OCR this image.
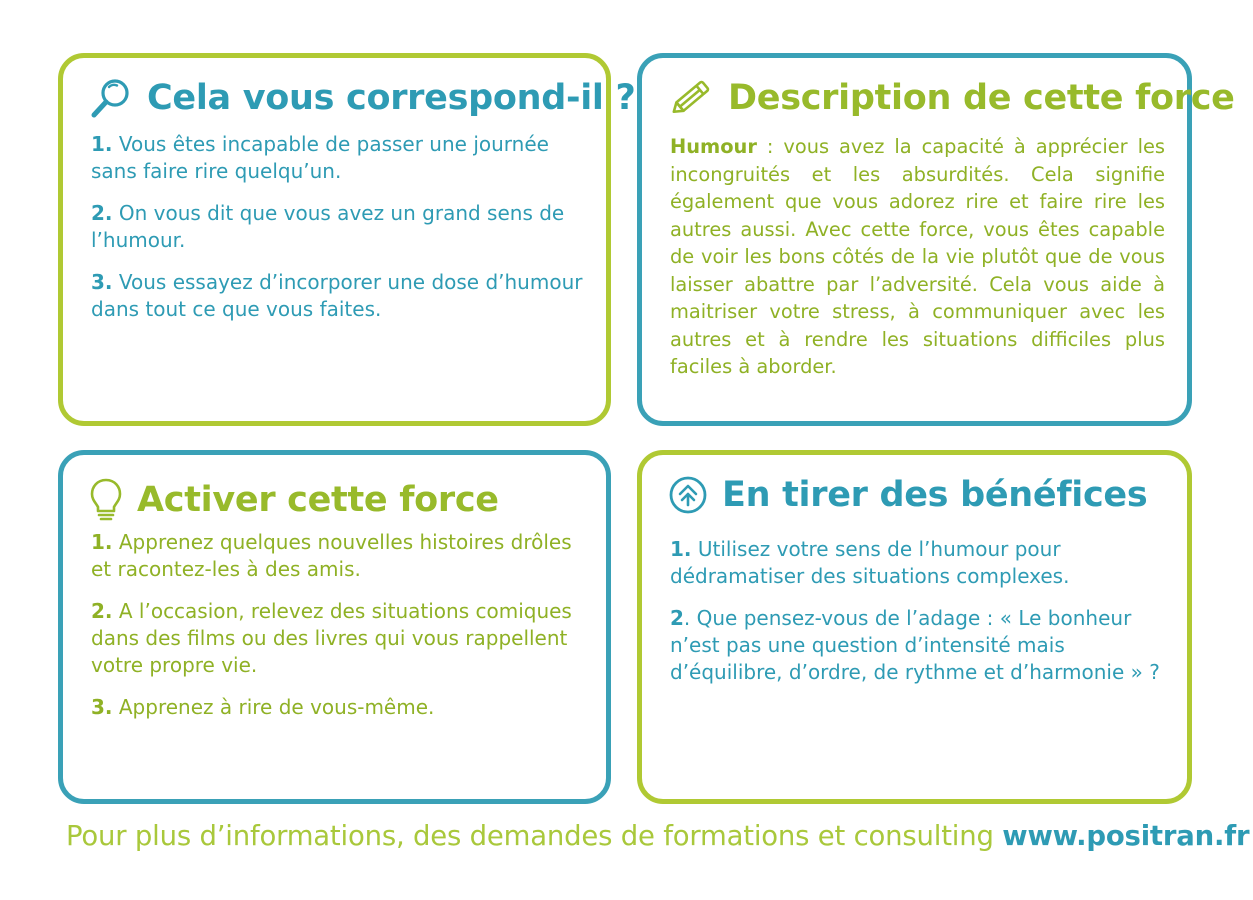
Cela vous correspond-il ?

1. Vous êtes incapable de passer une journée sans faire rire quelqu’un.

2. On vous dit que vous avez un grand sens de l’humour.

3. Vous essayez d’incorporer une dose d’humour dans tout ce que vous faites.

Description de cette force

Humour : vous avez la capacité à apprécier les incongruités et les absurdités. Cela signifie également que vous adorez rire et faire rire les autres aussi. Avec cette force, vous êtes capable de voir les bons côtés de la vie plutôt que de vous laisser abattre par l’adversité. Cela vous aide à maitriser votre stress, à communiquer avec les autres et à rendre les situations difficiles plus faciles à aborder.

Activer cette force

1. Apprenez quelques nouvelles histoires drôles et racontez-les à des amis.

2. A l’occasion, relevez des situations comiques dans des films ou des livres qui vous rappellent votre propre vie.

3. Apprenez à rire de vous-même.

En tirer des bénéfices

1. Utilisez votre sens de l’humour pour dédramatiser des situations complexes.

2. Que pensez-vous de l’adage : « Le bonheur n’est pas une question d’intensité mais d’équilibre, d’ordre, de rythme et d’harmonie » ?

Pour plus d’informations, des demandes de formations et consulting www.positran.fr
